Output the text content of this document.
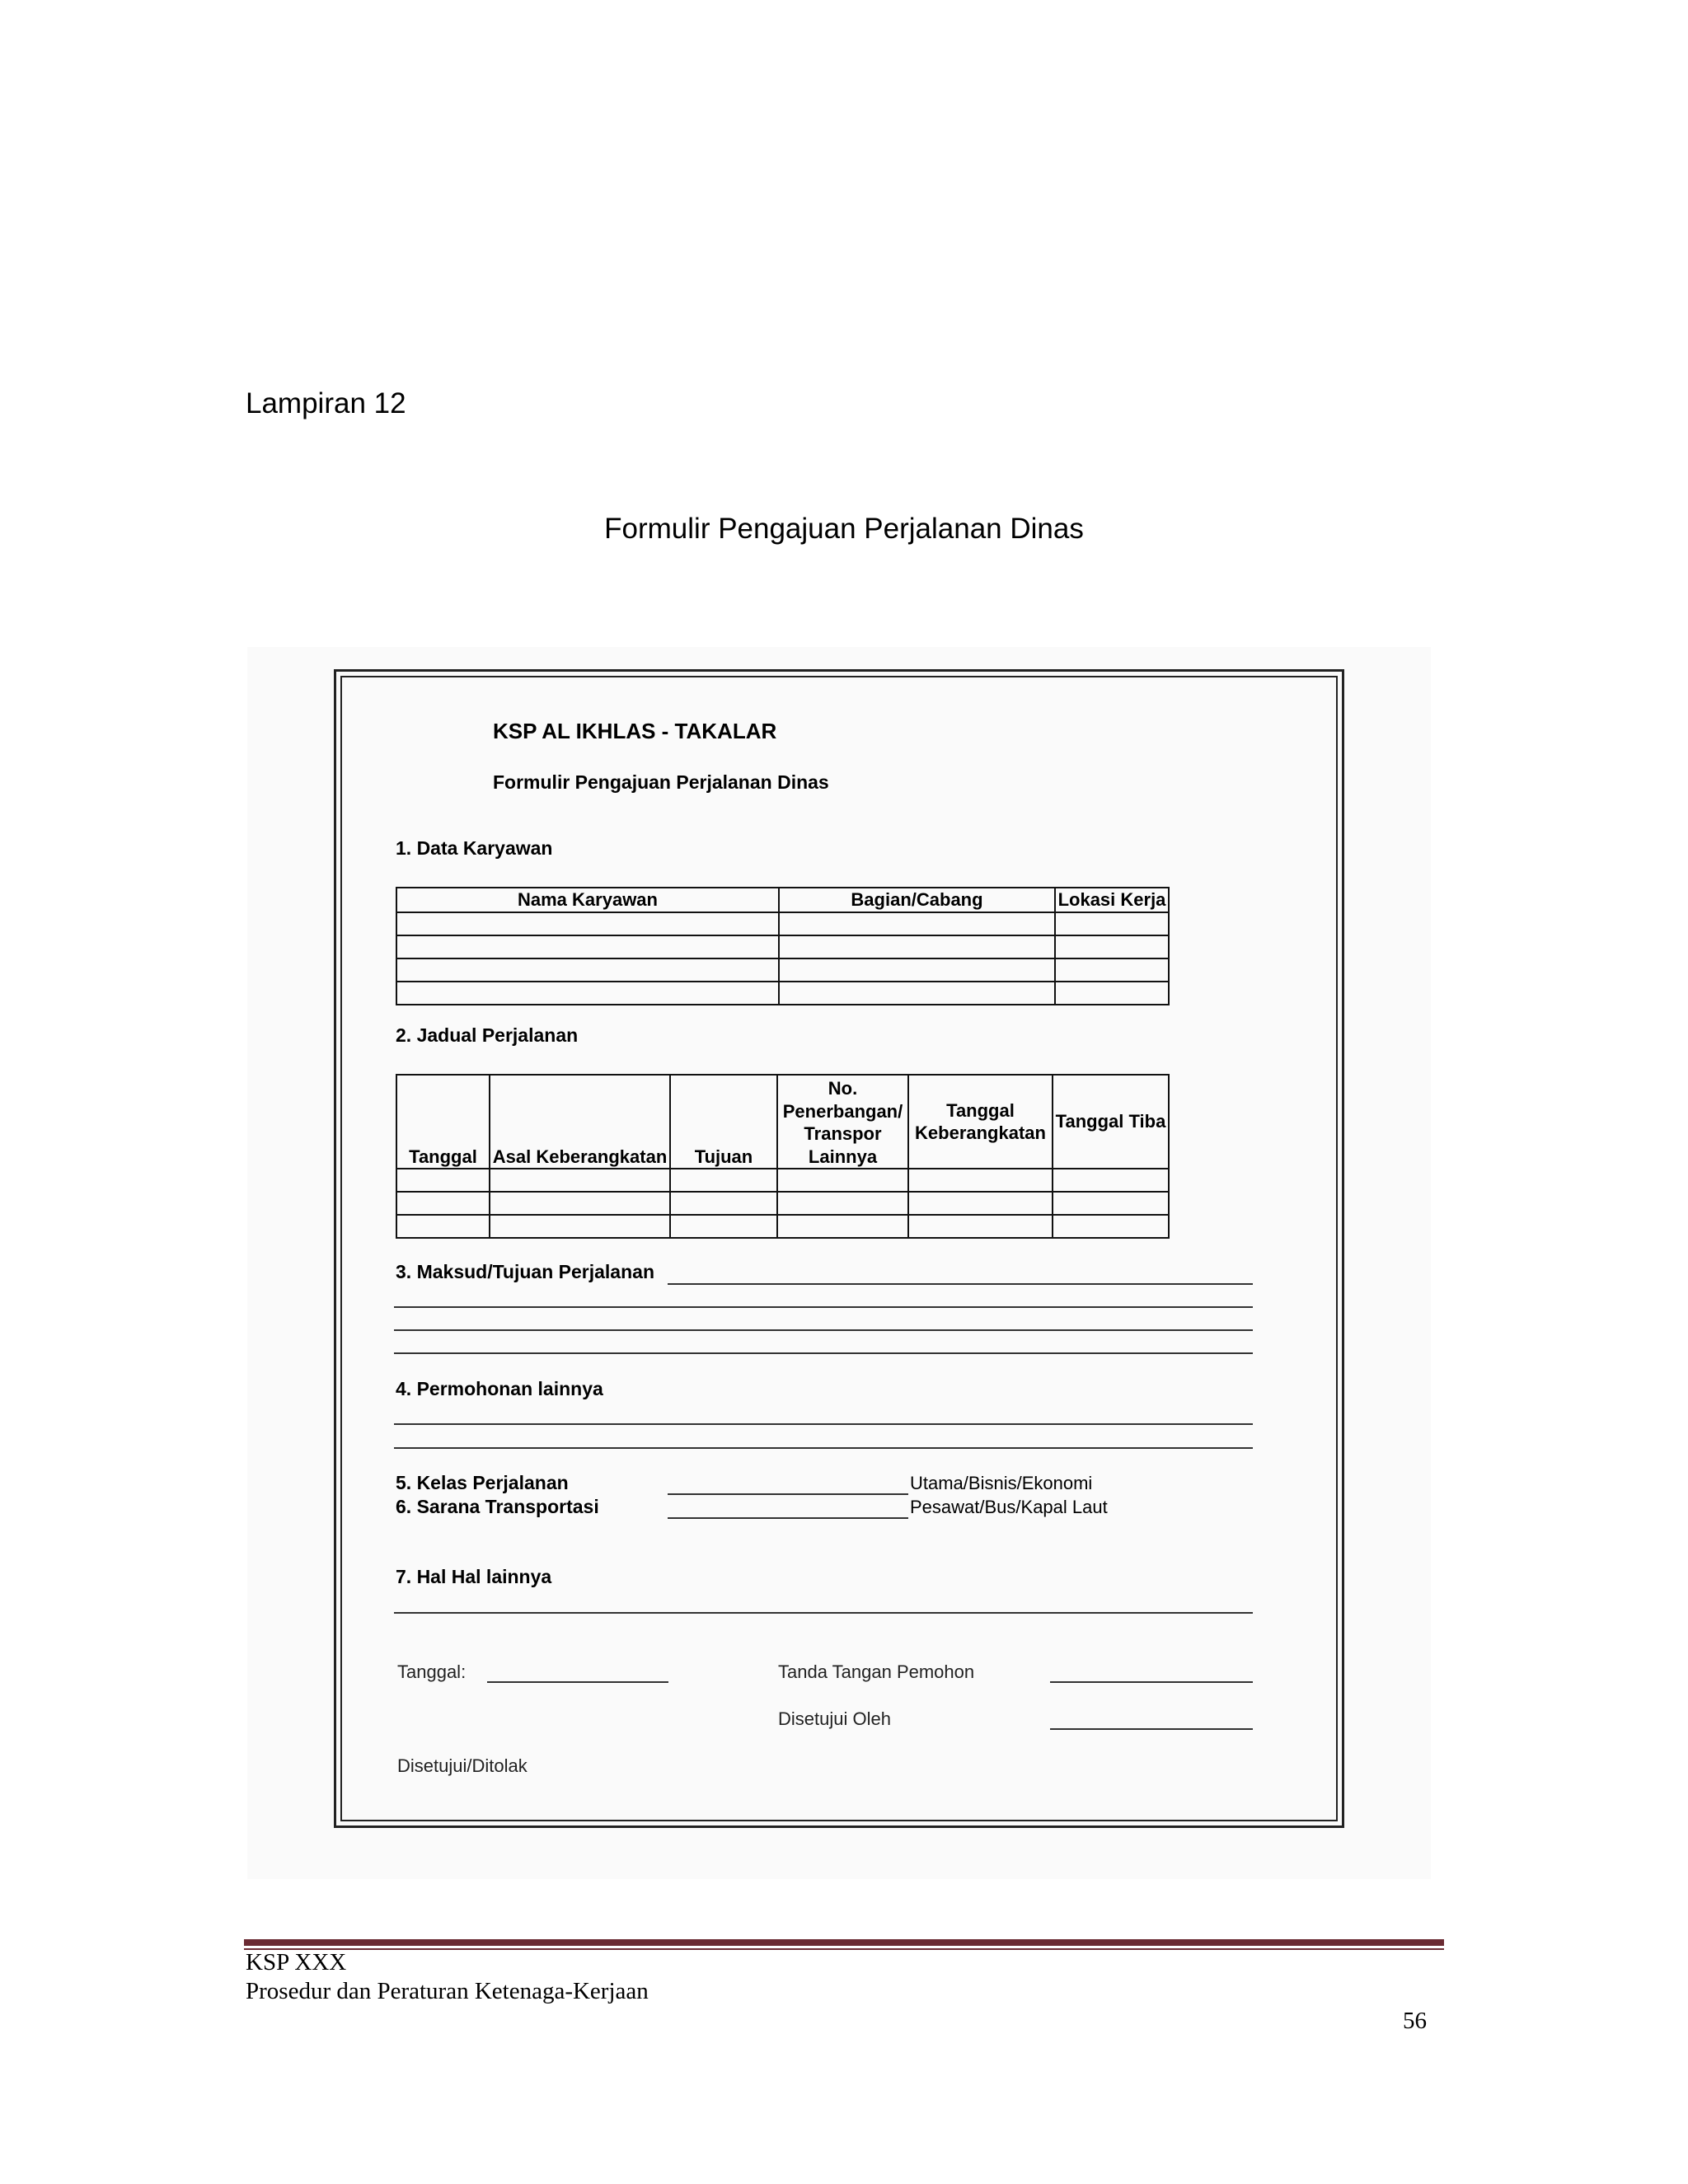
Lampiran 12
Formulir Pengajuan Perjalanan Dinas
KSP AL IKHLAS - TAKALAR
Formulir Pengajuan Perjalanan Dinas
1. Data Karyawan
Nama Karyawan	Bagian/Cabang	Lokasi Kerja

2. Jadual Perjalanan
Tanggal	Asal Keberangkatan	Tujuan	No. Penerbangan/ Transpor Lainnya	Tanggal Keberangkatan	Tanggal Tiba

3. Maksud/Tujuan Perjalanan
4. Permohonan lainnya
5. Kelas Perjalanan	Utama/Bisnis/Ekonomi
6. Sarana Transportasi	Pesawat/Bus/Kapal Laut
7. Hal Hal lainnya
Tanggal:	Tanda Tangan Pemohon
Disetujui Oleh
Disetujui/Ditolak
KSP XXX
Prosedur dan Peraturan Ketenaga-Kerjaan
56
